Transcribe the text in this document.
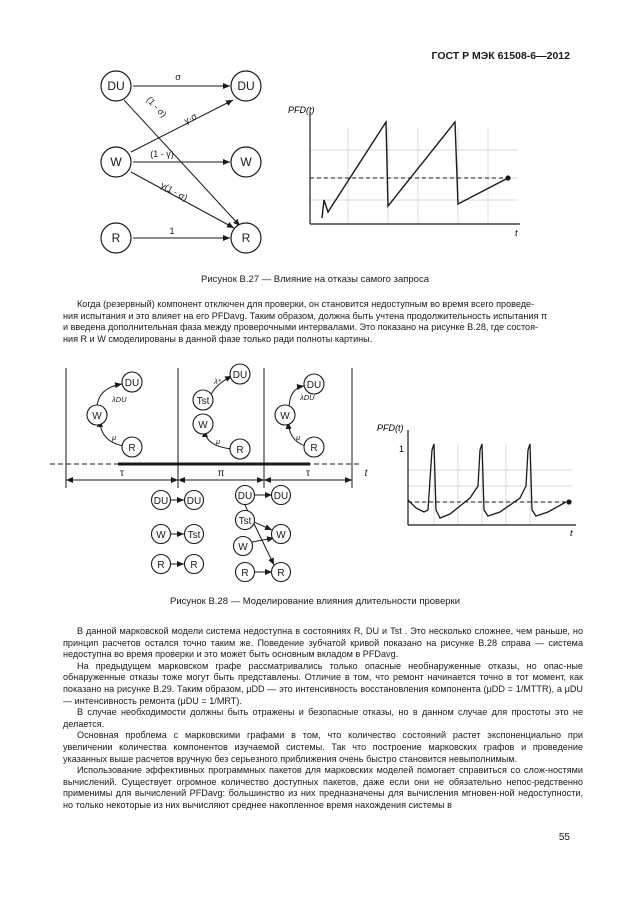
ГОСТ Р МЭК 61508-6—2012
DU	DU
W	W
R	R
σ
(1 - σ) γ·σ
(1 - γ)
γ(1 - σ)
1
PFD(t)
t
Рисунок В.27 — Влияние на отказы самого запроса
Когда (резервный) компонент отключен для проверки, он становится недоступным во время всего проведе-
ния испытания и это влияет на его PFDavg. Таким образом, должна быть учтена продолжительность испытания π
и введена дополнительная фаза между проверочными интервалами. Это показано на рисунке В.28, где состоя-
ния R и W смоделированы в данной фазе только ради полноты картины.
τ	π	τ	t
DU
W
R
DU
Tst
W
R
DU
W
R
λDU
μ
λ*
μ
λDU
μ
DU DU
W Tst
R	R
DU DU
Tst
W
W
R	R
PFD(t)
1
t
Рисунок В.28 — Моделирование влияния длительности проверки

В данной марковской модели система недоступна в состояниях R, DU и Tst . Это несколько сложнее, чем раньше, но принцип расчетов остался точно таким же. Поведение зубчатой кривой показано на рисунке В.28 справа — система недоступна во время проверки и это может быть основным вкладом в PFDavg.

На предыдущем марковском графе рассматривались только опасные необнаруженные отказы, но опас-ные обнаруженные отказы тоже могут быть представлены. Отличие в том, что ремонт начинается точно в тот момент, как показано на рисунке В.29. Таким образом, μDD — это интенсивность восстановления компонента (μDD = 1/MTTR), а μDU — интенсивность ремонта (μDU = 1/MRT).

В случае необходимости должны быть отражены и безопасные отказы, но в данном случае для простоты это не делается.

Основная проблема с марковскими графами в том, что количество состояний растет экспоненциально при увеличении количества компонентов изучаемой системы. Так что построение марковских графов и проведение указанных выше расчетов вручную без серьезного приближения очень быстро становится невыполнимым.

Использование эффективных программных пакетов для марковских моделей помогает справиться со слож-ностями вычислений. Существует огромное количество доступных пакетов, даже если они не обязательно непос-редственно применимы для вычислений PFDavg: большинство из них предназначены для вычисления мгновен-ной недоступности, но только некоторые из них вычисляют среднее накопленное время нахождения системы в

55
